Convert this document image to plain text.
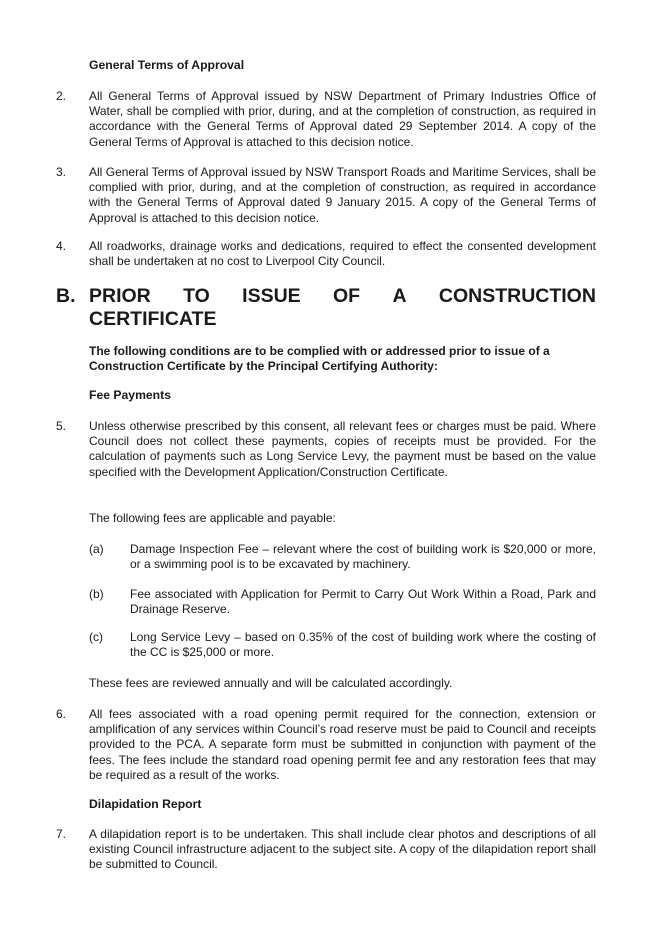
General Terms of Approval
2. All General Terms of Approval issued by NSW Department of Primary Industries Office of Water, shall be complied with prior, during, and at the completion of construction, as required in accordance with the General Terms of Approval dated 29 September 2014. A copy of the General Terms of Approval is attached to this decision notice.

3. All General Terms of Approval issued by NSW Transport Roads and Maritime Services, shall be complied with prior, during, and at the completion of construction, as required in accordance with the General Terms of Approval dated 9 January 2015. A copy of the General Terms of Approval is attached to this decision notice.

4. All roadworks, drainage works and dedications, required to effect the consented development shall be undertaken at no cost to Liverpool City Council.

B. PRIOR TO ISSUE OF A CONSTRUCTION
CERTIFICATE

The following conditions are to be complied with or addressed prior to issue of a Construction Certificate by the Principal Certifying Authority:

Fee Payments
5. Unless otherwise prescribed by this consent, all relevant fees or charges must be paid. Where Council does not collect these payments, copies of receipts must be provided. For the calculation of payments such as Long Service Levy, the payment must be based on the value specified with the Development Application/Construction Certificate.

The following fees are applicable and payable:

(a) Damage Inspection Fee – relevant where the cost of building work is $20,000 or more, or a swimming pool is to be excavated by machinery.

(b) Fee associated with Application for Permit to Carry Out Work Within a Road, Park and Drainage Reserve.

(c) Long Service Levy – based on 0.35% of the cost of building work where the costing of the CC is $25,000 or more.

These fees are reviewed annually and will be calculated accordingly.

6. All fees associated with a road opening permit required for the connection, extension or amplification of any services within Council’s road reserve must be paid to Council and receipts provided to the PCA. A separate form must be submitted in conjunction with payment of the fees. The fees include the standard road opening permit fee and any restoration fees that may be required as a result of the works.

Dilapidation Report
7. A dilapidation report is to be undertaken. This shall include clear photos and descriptions of all existing Council infrastructure adjacent to the subject site. A copy of the dilapidation report shall be submitted to Council.
